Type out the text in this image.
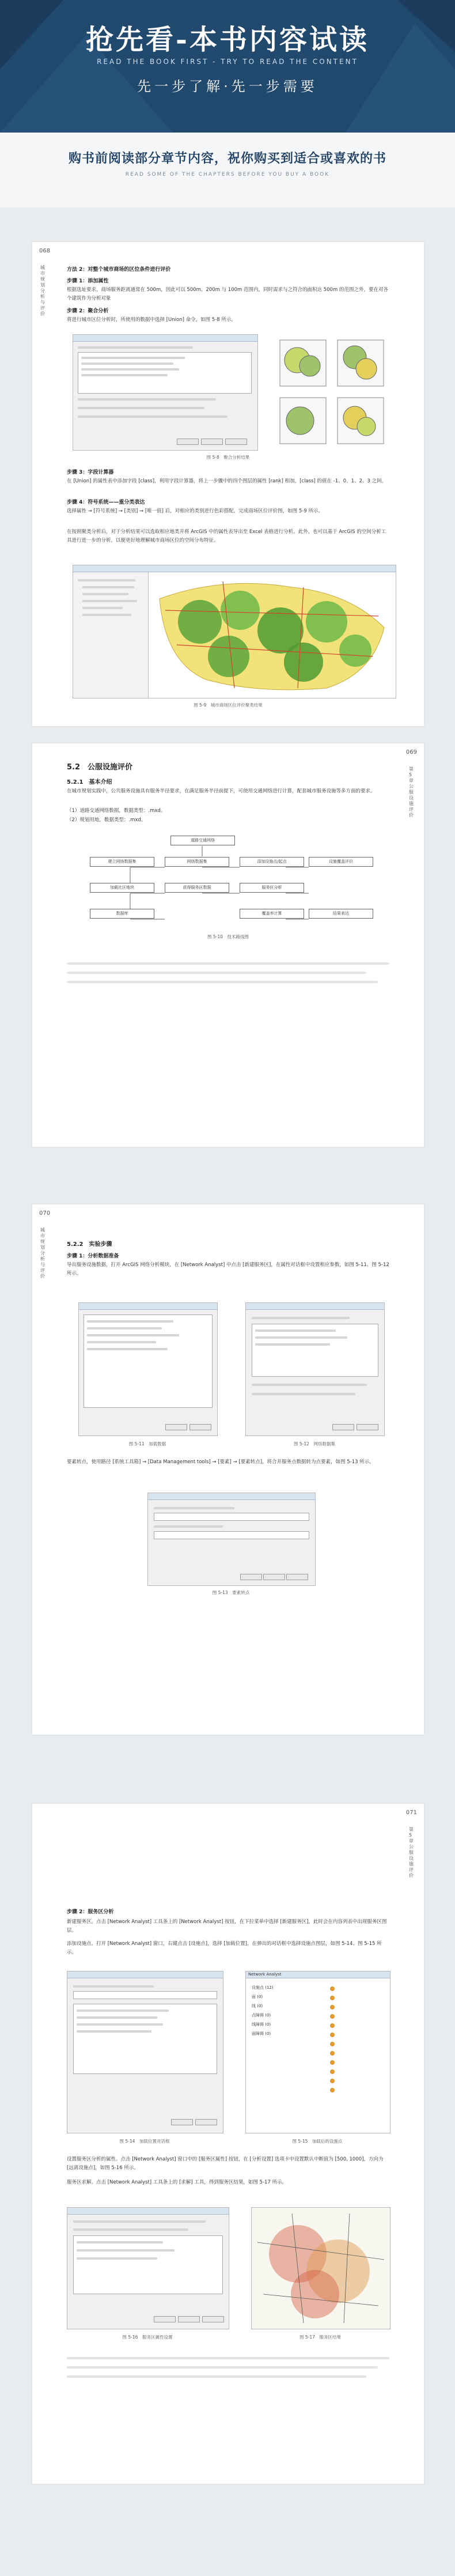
抢先看-本书内容试读
READ THE BOOK FIRST - TRY TO READ THE CONTENT
先一步了解·先一步需要
购书前阅读部分章节内容，祝你购买到适合或喜欢的书
READ SOME OF THE CHAPTERS BEFORE YOU BUY A BOOK
068
城市规划分析与评价
方法 2：对整个城市商场的区位条件进行评价
步骤 1：添加属性
根据选址要求，商场服务距离通常在 500m，因此可以 500m、200m 与 100m 范围内，同时需求与之符合的面积达 500m 的范围之外，要在对各个建筑作为分析对象
步骤 2：聚合分析
将进行城市区位分析时，所使用的数据中选择 [Union] 命令，如图 5-8 所示。
图 5-8　聚合分析结果
步骤 3：字段计算器
在 [Union] 的属性表中添加字段 [class]，利用字段计算器，将上一步骤中的四个图层的属性 [rank] 相加，[class] 的值在 -1、0、1、2、3 之间。
步骤 4：符号系统——重分类表达
选择属性 → [符号系统] → [类别] → [唯一值] 后，对相应的类别进行色彩搭配，完成商场区位评价图，如图 5-9 所示。
在按照聚类分析后，对于分析结果可以选取相应地类并将 ArcGIS 中的属性表导出至 Excel 表格进行分析。此外，也可以基于 ArcGIS 的空间分析工具进行进一步的分析，以便更好地理解城市商场区位的空间分布特征。
图 5-9　城市商场区位评价聚类结果
069
第5章 公服设施评价
5.2　公服设施评价
5.2.1　基本介绍
在城市规划实践中，公共服务设施具有服务半径要求，在满足服务半径前提下，可使用交通网络进行计算，配套城市服务设施等多方面的要求。
（1）道路交通网络数据，数据类型：.mxd。
（2）规划用地，数据类型：.mxd。
道路交通网络
网络数据集
建立网络数据集	添加设施点/起点
加载社区地块	获得服务区数据	服务区分析
设施覆盖评价
数据库	覆盖率计算	结果表达
图 5-10　技术路线图
070
城市规划分析与评价
5.2.2　实验步骤
步骤 1：分析数据准备
导出服务设施数据，打开 ArcGIS 网络分析模块，在 [Network Analyst] 中点击 [新建服务区]，在属性对话框中设置相应参数，如图 5-11、图 5-12 所示。
图 5-11　加载数据	图 5-12　网络数据集
要素转点，使用路径 [系统工具箱] → [Data Management tools] → [要素] → [要素转点]，将合并服务点数据转为点要素，如图 5-13 所示。
图 5-13　要素转点
071
第5章 公服设施评价
步骤 2：服务区分析
新建服务区。点击 [Network Analyst] 工具条上的 [Network Analyst] 按钮，在下拉菜单中选择 [新建服务区]，此时会在内容列表中出现服务区图层。
添加设施点。打开 [Network Analyst] 窗口，右键点击 [设施点]，选择 [加载位置]，在弹出的对话框中选择设施点图层，如图 5-14、图 5-15 所示。
Network Analyst
设施点 (12)
面 (0)
线 (0)
点障碍 (0)
线障碍 (0)
面障碍 (0)
图 5-14　加载位置对话框	图 5-15　加载后的设施点
设置服务区分析的属性。点击 [Network Analyst] 窗口中的 [服务区属性] 按钮，在 [分析设置] 选项卡中设置默认中断值为 [500, 1000]，方向为 [远离设施点]，如图 5-16 所示。
服务区求解。点击 [Network Analyst] 工具条上的 [求解] 工具，得到服务区结果，如图 5-17 所示。
图 5-16　服务区属性设置	图 5-17　服务区结果
